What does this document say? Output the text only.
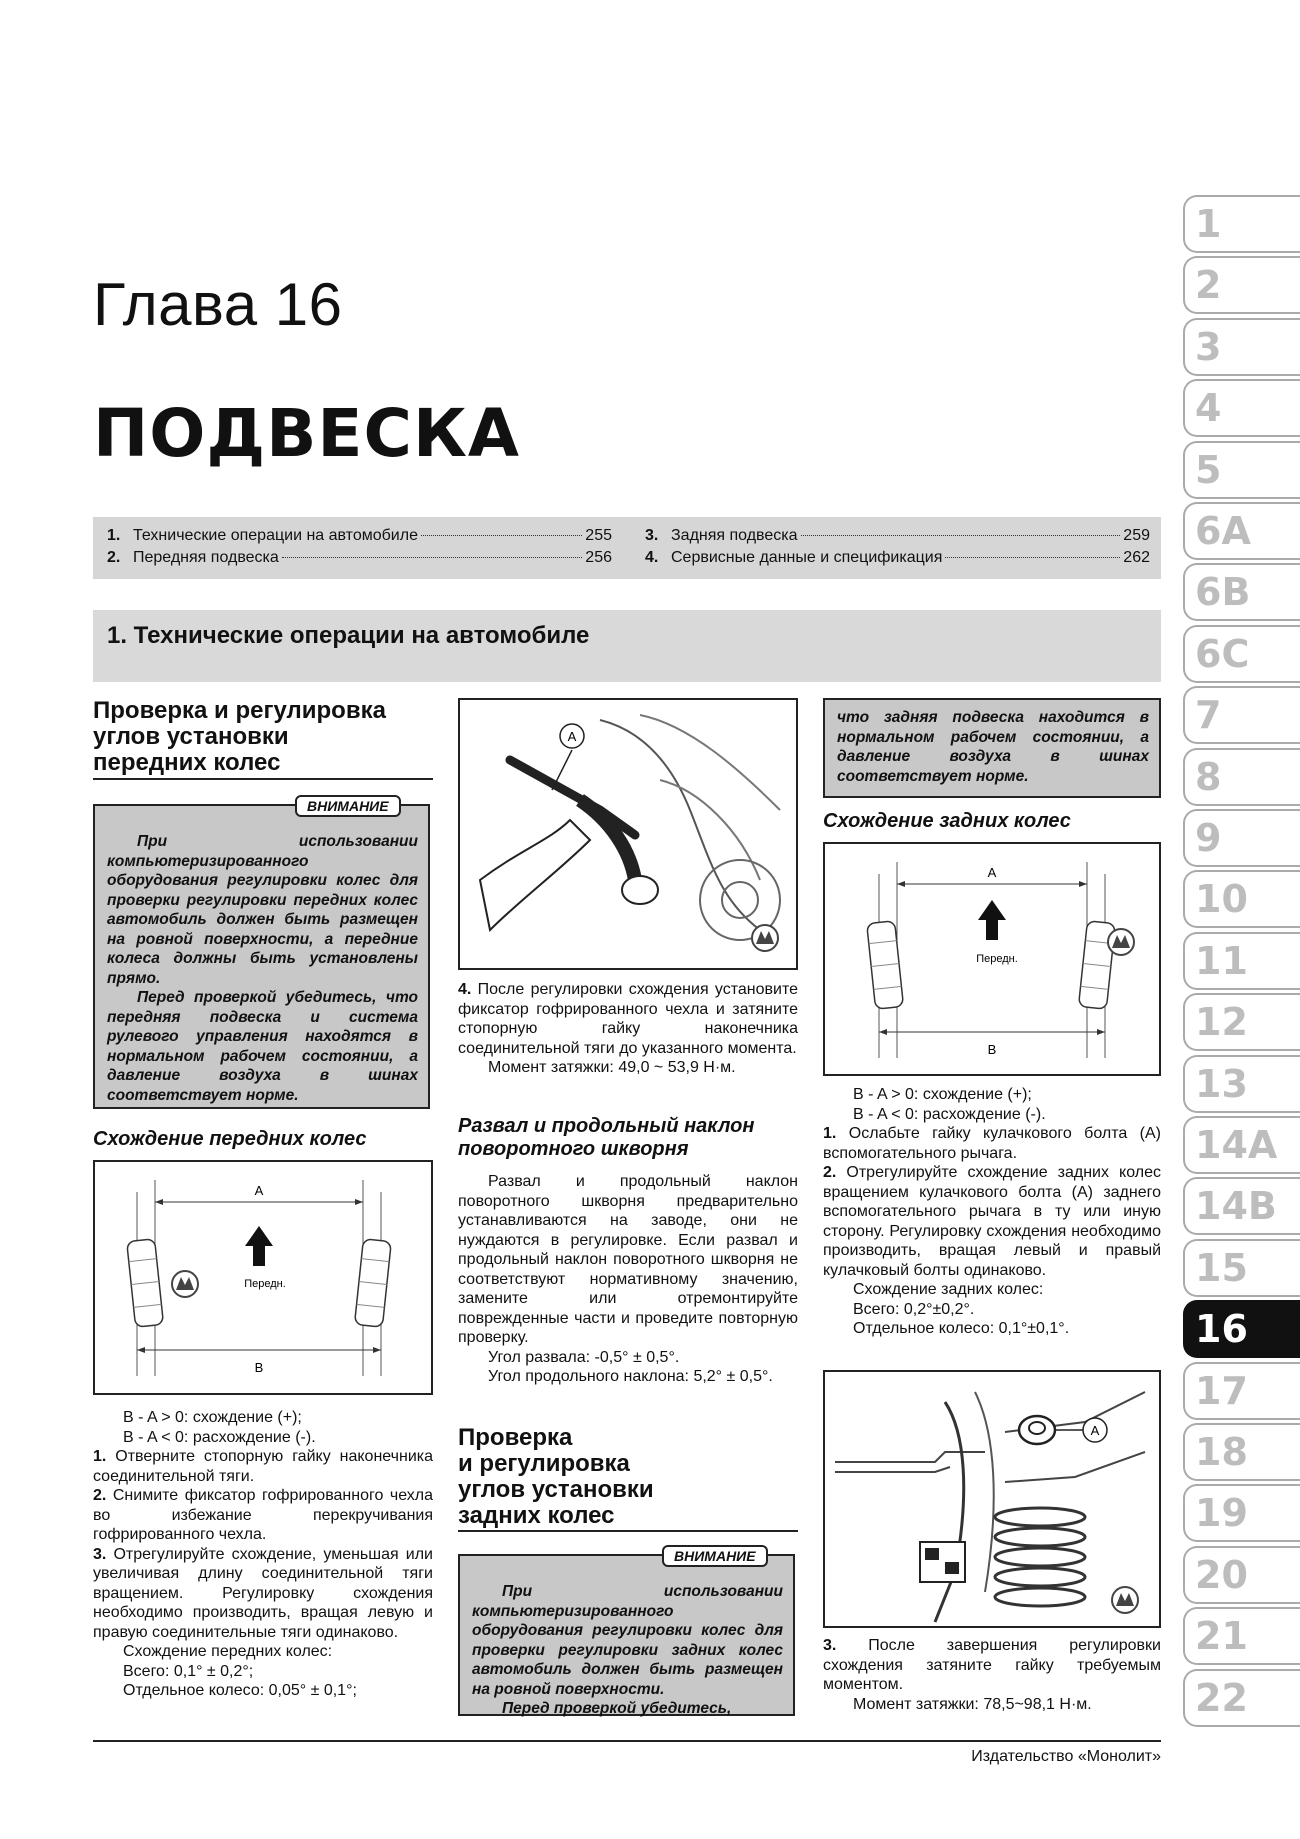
Глава 16
ПОДВЕСКА
1. Технические операции на автомобиле	255
2. Передняя подвеска	256
3. Задняя подвеска	259
4. Сервисные данные и спецификация	262
1. Технические операции на автомобиле
Проверка и регулировка
углов установки
передних колес

При использовании компьютеризированного оборудования регулировки колес для проверки регулировки передних колес автомобиль должен быть размещен на ровной поверхности, а передние колеса должны быть установлены прямо.

Перед проверкой убедитесь, что передняя подвеска и система рулевого управления находятся в нормальном рабочем состоянии, а давление воздуха в шинах соответствует норме.

ВНИМАНИЕ
Схождение передних колес
A
B
Передн.

B - A > 0: схождение (+);

B - A < 0: расхождение (-).

1. Отверните стопорную гайку наконечника соединительной тяги.

2. Снимите фиксатор гофрированного чехла во избежание перекручивания гофрированного чехла.

3. Отрегулируйте схождение, уменьшая или увеличивая длину соединительной тяги вращением. Регулировку схождения необходимо производить, вращая левую и правую соединительные тяги одинаково.

Схождение передних колес:

Всего: 0,1° ± 0,2°;

Отдельное колесо: 0,05° ± 0,1°;

A

4. После регулировки схождения установите фиксатор гофрированного чехла и затяните стопорную гайку наконечника соединительной тяги до указанного момента.

Момент затяжки: 49,0 ~ 53,9 Н·м.

Развал и продольный наклон поворотного шкворня

Развал и продольный наклон поворотного шкворня предварительно устанавливаются на заводе, они не нуждаются в регулировке. Если развал и продольный наклон поворотного шкворня не соответствуют нормативному значению, замените или отремонтируйте поврежденные части и проведите повторную проверку.

Угол развала: -0,5° ± 0,5°.

Угол продольного наклона: 5,2° ± 0,5°.

Проверка
и регулировка
углов установки
задних колес

При использовании компьютеризированного оборудования регулировки колес для проверки регулировки задних колес автомобиль должен быть размещен на ровной поверхности.

Перед проверкой убедитесь,

ВНИМАНИЕ

что задняя подвеска находится в нормальном рабочем состоянии, а давление воздуха в шинах соответствует норме.

Схождение задних колес
A
B
Передн.

B - A > 0: схождение (+);

B - A < 0: расхождение (-).

1. Ослабьте гайку кулачкового болта (A) вспомогательного рычага.

2. Отрегулируйте схождение задних колес вращением кулачкового болта (A) заднего вспомогательного рычага в ту или иную сторону. Регулировку схождения необходимо производить, вращая левый и правый кулачковый болты одинаково.

Схождение задних колес:

Всего: 0,2°±0,2°.

Отдельное колесо: 0,1°±0,1°.

A

3. После завершения регулировки схождения затяните гайку требуемым моментом.

Момент затяжки: 78,5~98,1 Н·м.

Издательство «Монолит»
1
2
3
4
5
6A
6B
6C
7
8
9
10
11
12
13
14A
14B
15
16
17
18
19
20
21
22
